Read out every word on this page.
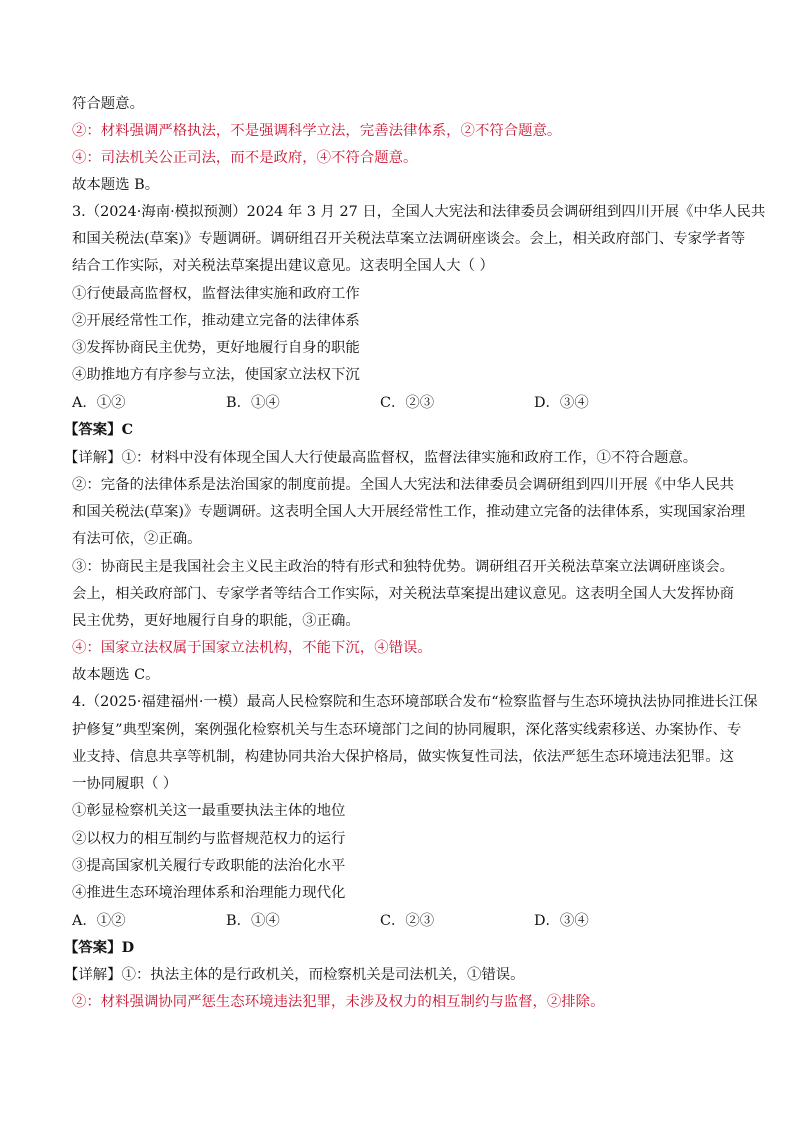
符合题意。
②：材料强调严格执法，不是强调科学立法，完善法律体系，②不符合题意。
④：司法机关公正司法，而不是政府，④不符合题意。
故本题选 B。
3.（2024·海南·模拟预测）2024 年 3 月 27 日，全国人大宪法和法律委员会调研组到四川开展《中华人民共
和国关税法(草案)》专题调研。调研组召开关税法草案立法调研座谈会。会上，相关政府部门、专家学者等
结合工作实际，对关税法草案提出建议意见。这表明全国人大（ ）
①行使最高监督权，监督法律实施和政府工作
②开展经常性工作，推动建立完备的法律体系
③发挥协商民主优势，更好地履行自身的职能
④助推地方有序参与立法，使国家立法权下沉
A．①②	B．①④	C．②③	D．③④
【答案】C
【详解】①：材料中没有体现全国人大行使最高监督权，监督法律实施和政府工作，①不符合题意。
②：完备的法律体系是法治国家的制度前提。全国人大宪法和法律委员会调研组到四川开展《中华人民共
和国关税法(草案)》专题调研。这表明全国人大开展经常性工作，推动建立完备的法律体系，实现国家治理
有法可依，②正确。
③：协商民主是我国社会主义民主政治的特有形式和独特优势。调研组召开关税法草案立法调研座谈会。
会上，相关政府部门、专家学者等结合工作实际，对关税法草案提出建议意见。这表明全国人大发挥协商
民主优势，更好地履行自身的职能，③正确。
④：国家立法权属于国家立法机构，不能下沉，④错误。
故本题选 C。
4.（2025·福建福州·一模）最高人民检察院和生态环境部联合发布“检察监督与生态环境执法协同推进长江保
护修复”典型案例，案例强化检察机关与生态环境部门之间的协同履职，深化落实线索移送、办案协作、专
业支持、信息共享等机制，构建协同共治大保护格局，做实恢复性司法，依法严惩生态环境违法犯罪。这
一协同履职（ ）
①彰显检察机关这一最重要执法主体的地位
②以权力的相互制约与监督规范权力的运行
③提高国家机关履行专政职能的法治化水平
④推进生态环境治理体系和治理能力现代化
A．①②	B．①④	C．②③	D．③④
【答案】D
【详解】①：执法主体的是行政机关，而检察机关是司法机关，①错误。
②：材料强调协同严惩生态环境违法犯罪，未涉及权力的相互制约与监督，②排除。
